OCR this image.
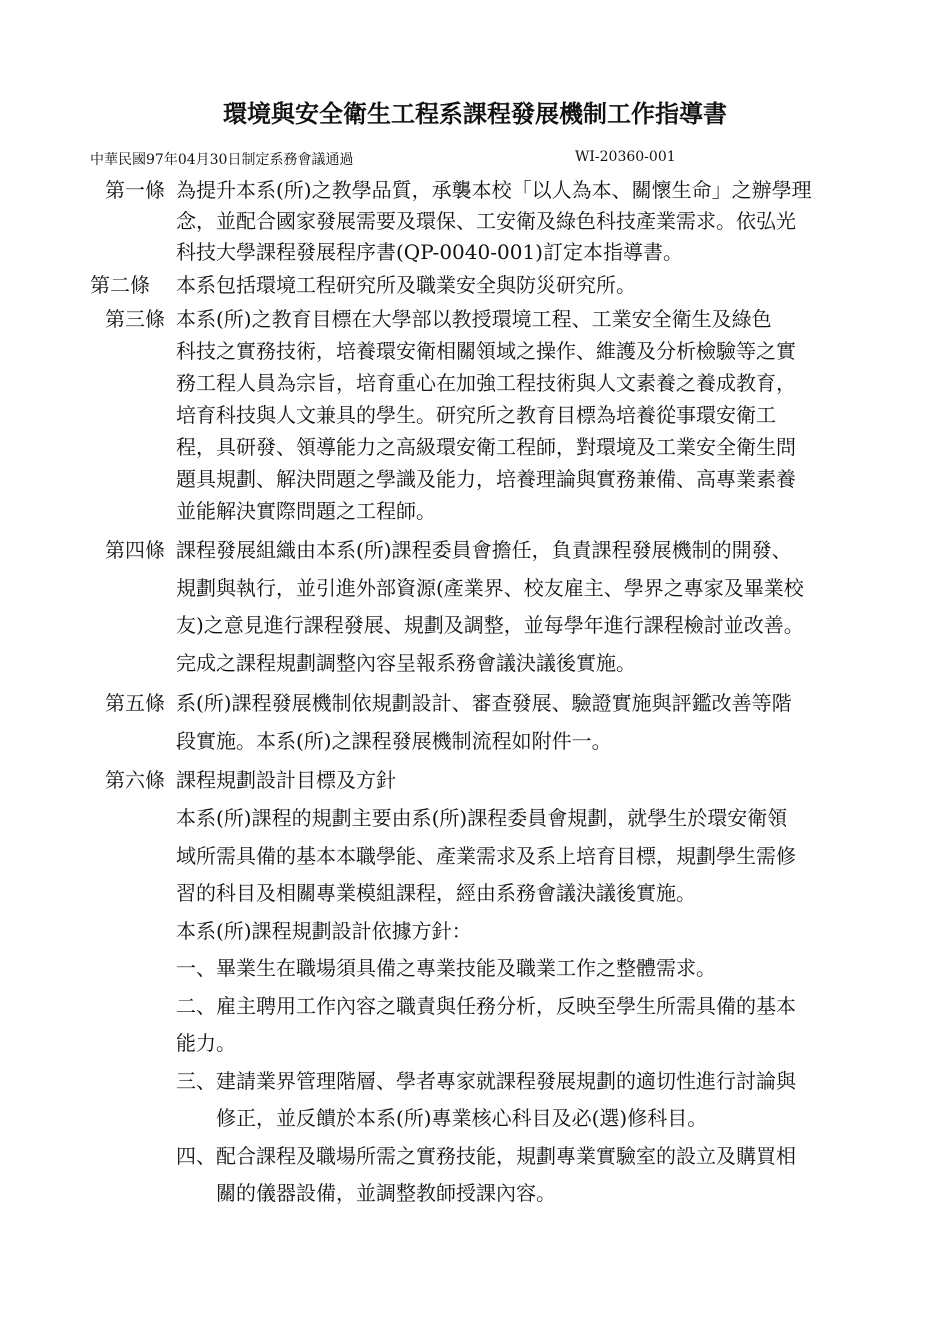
環境與安全衛生工程系課程發展機制工作指導書

中華民國97年04月30日制定系務會議通過	WI-20360-001

第一條 為提升本系(所)之教學品質，承襲本校「以人為本、關懷生命」之辦學理
念，並配合國家發展需要及環保、工安衛及綠色科技產業需求。依弘光
科技大學課程發展程序書(QP-0040-001)訂定本指導書。
第二條 本系包括環境工程研究所及職業安全與防災研究所。
第三條 本系(所)之教育目標在大學部以教授環境工程、工業安全衛生及綠色
科技之實務技術，培養環安衛相關領域之操作、維護及分析檢驗等之實
務工程人員為宗旨，培育重心在加強工程技術與人文素養之養成教育，
培育科技與人文兼具的學生。研究所之教育目標為培養從事環安衛工
程，具研發、領導能力之高級環安衛工程師，對環境及工業安全衛生問
題具規劃、解決問題之學識及能力，培養理論與實務兼備、高專業素養
並能解決實際問題之工程師。
第四條 課程發展組織由本系(所)課程委員會擔任，負責課程發展機制的開發、
規劃與執行，並引進外部資源(產業界、校友雇主、學界之專家及畢業校
友)之意見進行課程發展、規劃及調整，並每學年進行課程檢討並改善。
完成之課程規劃調整內容呈報系務會議決議後實施。
第五條 系(所)課程發展機制依規劃設計、審查發展、驗證實施與評鑑改善等階
段實施。本系(所)之課程發展機制流程如附件一。
第六條 課程規劃設計目標及方針
本系(所)課程的規劃主要由系(所)課程委員會規劃，就學生於環安衛領
域所需具備的基本本職學能、產業需求及系上培育目標，規劃學生需修
習的科目及相關專業模組課程，經由系務會議決議後實施。
本系(所)課程規劃設計依據方針：
一、畢業生在職場須具備之專業技能及職業工作之整體需求。
二、雇主聘用工作內容之職責與任務分析，反映至學生所需具備的基本
能力。
三、建請業界管理階層、學者專家就課程發展規劃的適切性進行討論與
修正，並反饋於本系(所)專業核心科目及必(選)修科目。
四、配合課程及職場所需之實務技能，規劃專業實驗室的設立及購買相
關的儀器設備，並調整教師授課內容。
